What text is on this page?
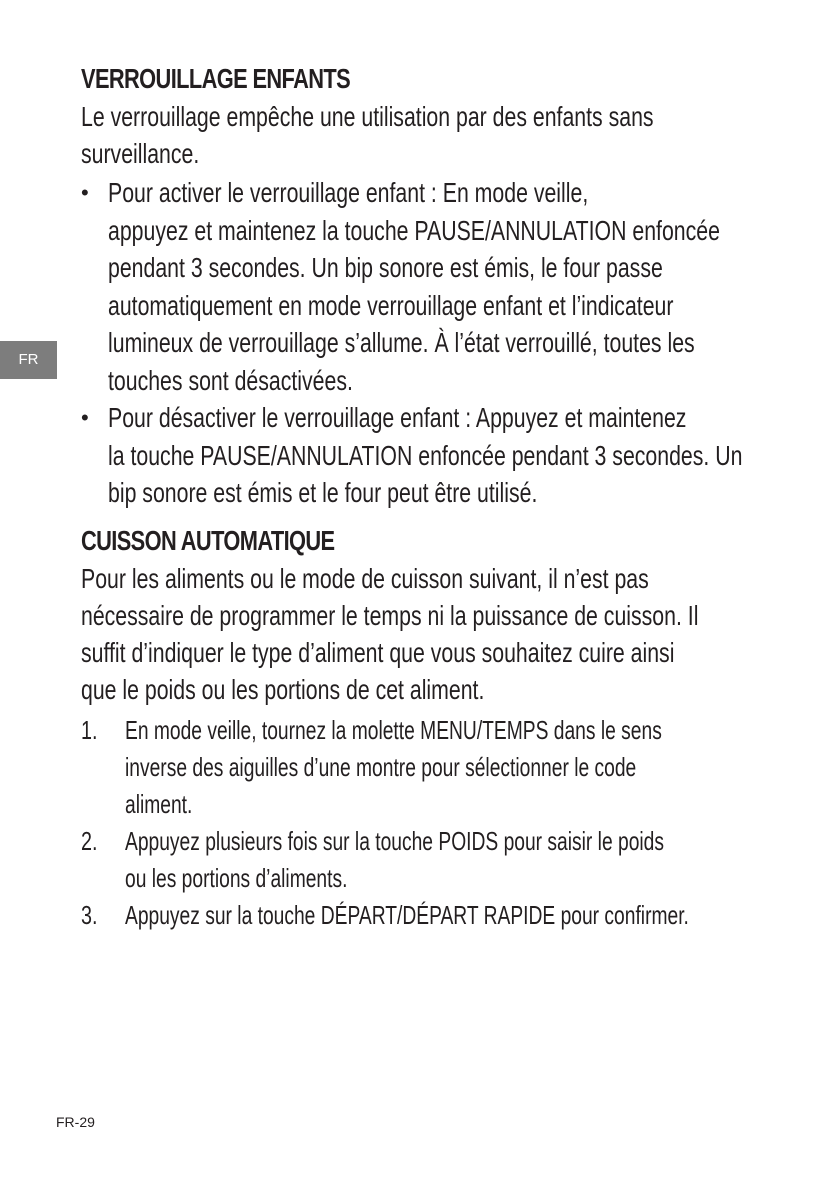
FR
VERROUILLAGE ENFANTS

Le verrouillage empêche une utilisation par des enfants sans
surveillance.

• Pour activer le verrouillage enfant : En mode veille,
appuyez et maintenez la touche PAUSE/ANNULATION enfoncée
pendant 3 secondes. Un bip sonore est émis, le four passe
automatiquement en mode verrouillage enfant et l’indicateur
lumineux de verrouillage s’allume. À l’état verrouillé, toutes les
touches sont désactivées.
• Pour désactiver le verrouillage enfant : Appuyez et maintenez
la touche PAUSE/ANNULATION enfoncée pendant 3 secondes. Un
bip sonore est émis et le four peut être utilisé.
CUISSON AUTOMATIQUE

Pour les aliments ou le mode de cuisson suivant, il n’est pas
nécessaire de programmer le temps ni la puissance de cuisson. Il
suffit d’indiquer le type d’aliment que vous souhaitez cuire ainsi
que le poids ou les portions de cet aliment.

1. En mode veille, tournez la molette MENU/TEMPS dans le sens
inverse des aiguilles d’une montre pour sélectionner le code
aliment.
2. Appuyez plusieurs fois sur la touche POIDS pour saisir le poids
ou les portions d’aliments.
3. Appuyez sur la touche DÉPART/DÉPART RAPIDE pour confirmer.
FR-29
